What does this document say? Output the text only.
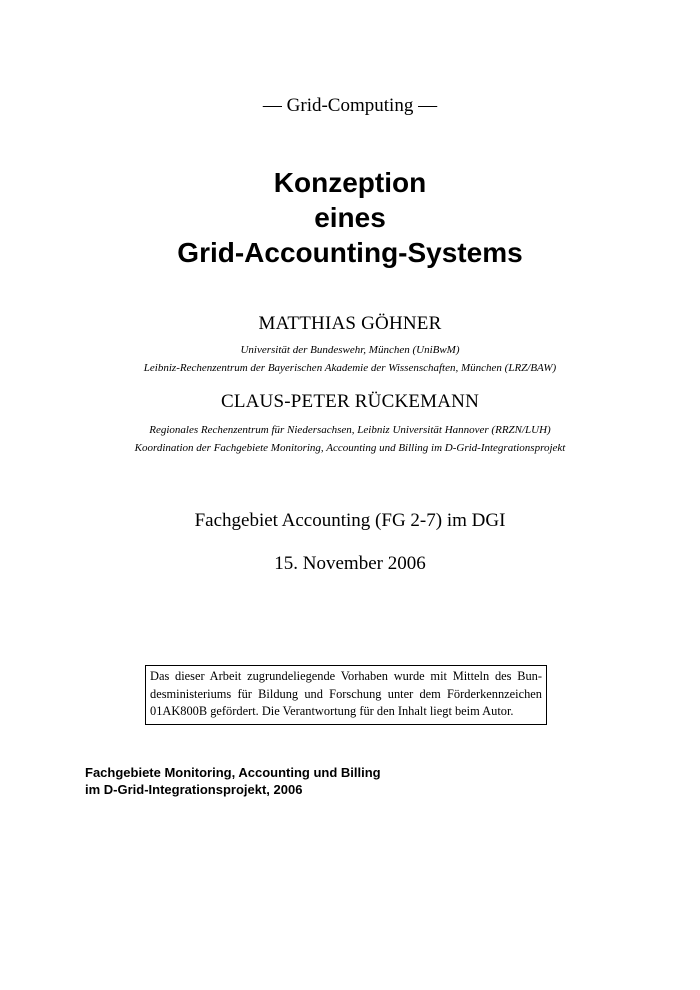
— Grid-Computing —
Konzeption
eines
Grid-Accounting-Systems
MATTHIAS GÖHNER
Universität der Bundeswehr, München (UniBwM)
Leibniz-Rechenzentrum der Bayerischen Akademie der Wissenschaften, München (LRZ/BAW)
CLAUS-PETER RÜCKEMANN
Regionales Rechenzentrum für Niedersachsen, Leibniz Universität Hannover (RRZN/LUH)
Koordination der Fachgebiete Monitoring, Accounting und Billing im D-Grid-Integrationsprojekt
Fachgebiet Accounting (FG 2-7) im DGI
15. November 2006
Das dieser Arbeit zugrundeliegende Vorhaben wurde mit Mitteln des Bun-
desministeriums für Bildung und Forschung unter dem Förderkennzeichen
01AK800B gefördert. Die Verantwortung für den Inhalt liegt beim Autor.
Fachgebiete Monitoring, Accounting und Billing
im D-Grid-Integrationsprojekt, 2006
